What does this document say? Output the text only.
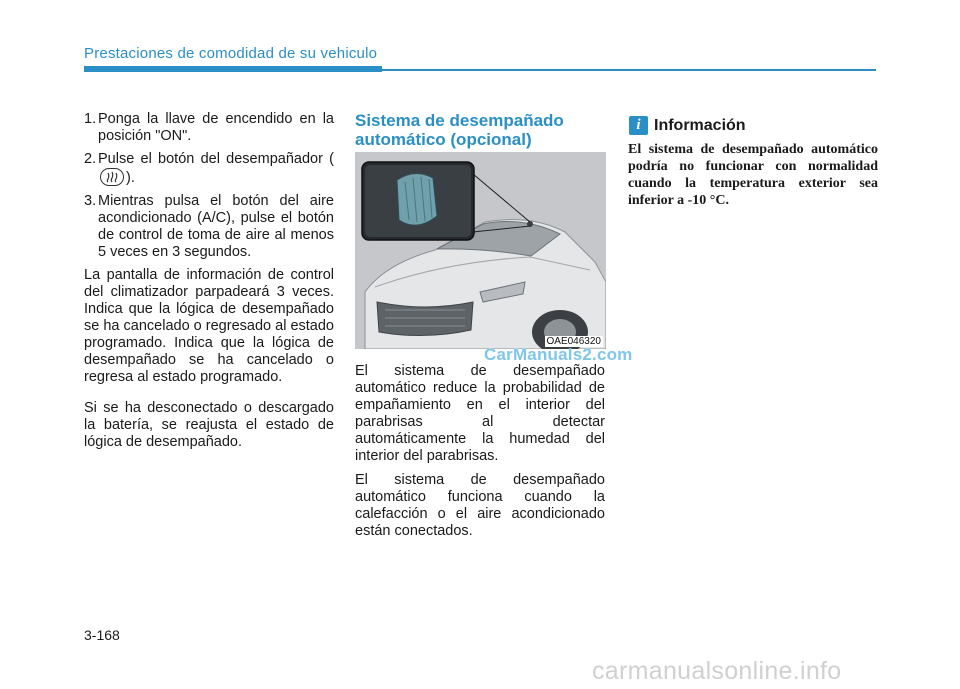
Prestaciones de comodidad de su vehiculo
1. Ponga la llave de encendido en la posición "ON".
2. Pulse el botón del desempañador ().
3. Mientras pulsa el botón del aire acondicionado (A/C), pulse el botón de control de toma de aire al menos 5 veces en 3 segundos.

La pantalla de información de control del climatizador parpadeará 3 veces. Indica que la lógica de desempañado se ha cancelado o regresado al estado programado. Indica que la lógica de desempañado se ha cancelado o regresa al estado programado.

Si se ha desconectado o descargado la batería, se reajusta el estado de lógica de desempañado.

Sistema de desempañado automático (opcional)
OAE046320
CarManuals2.com

El sistema de desempañado automático reduce la probabilidad de empañamiento en el interior del parabrisas al detectar automáticamente la humedad del interior del parabrisas.

El sistema de desempañado automático funciona cuando la calefacción o el aire acondicionado están conectados.

i Información
El sistema de desempañado automático podría no funcionar con normalidad cuando la temperatura exterior sea inferior a -10 °C.
3-168
carmanualsonline.info
